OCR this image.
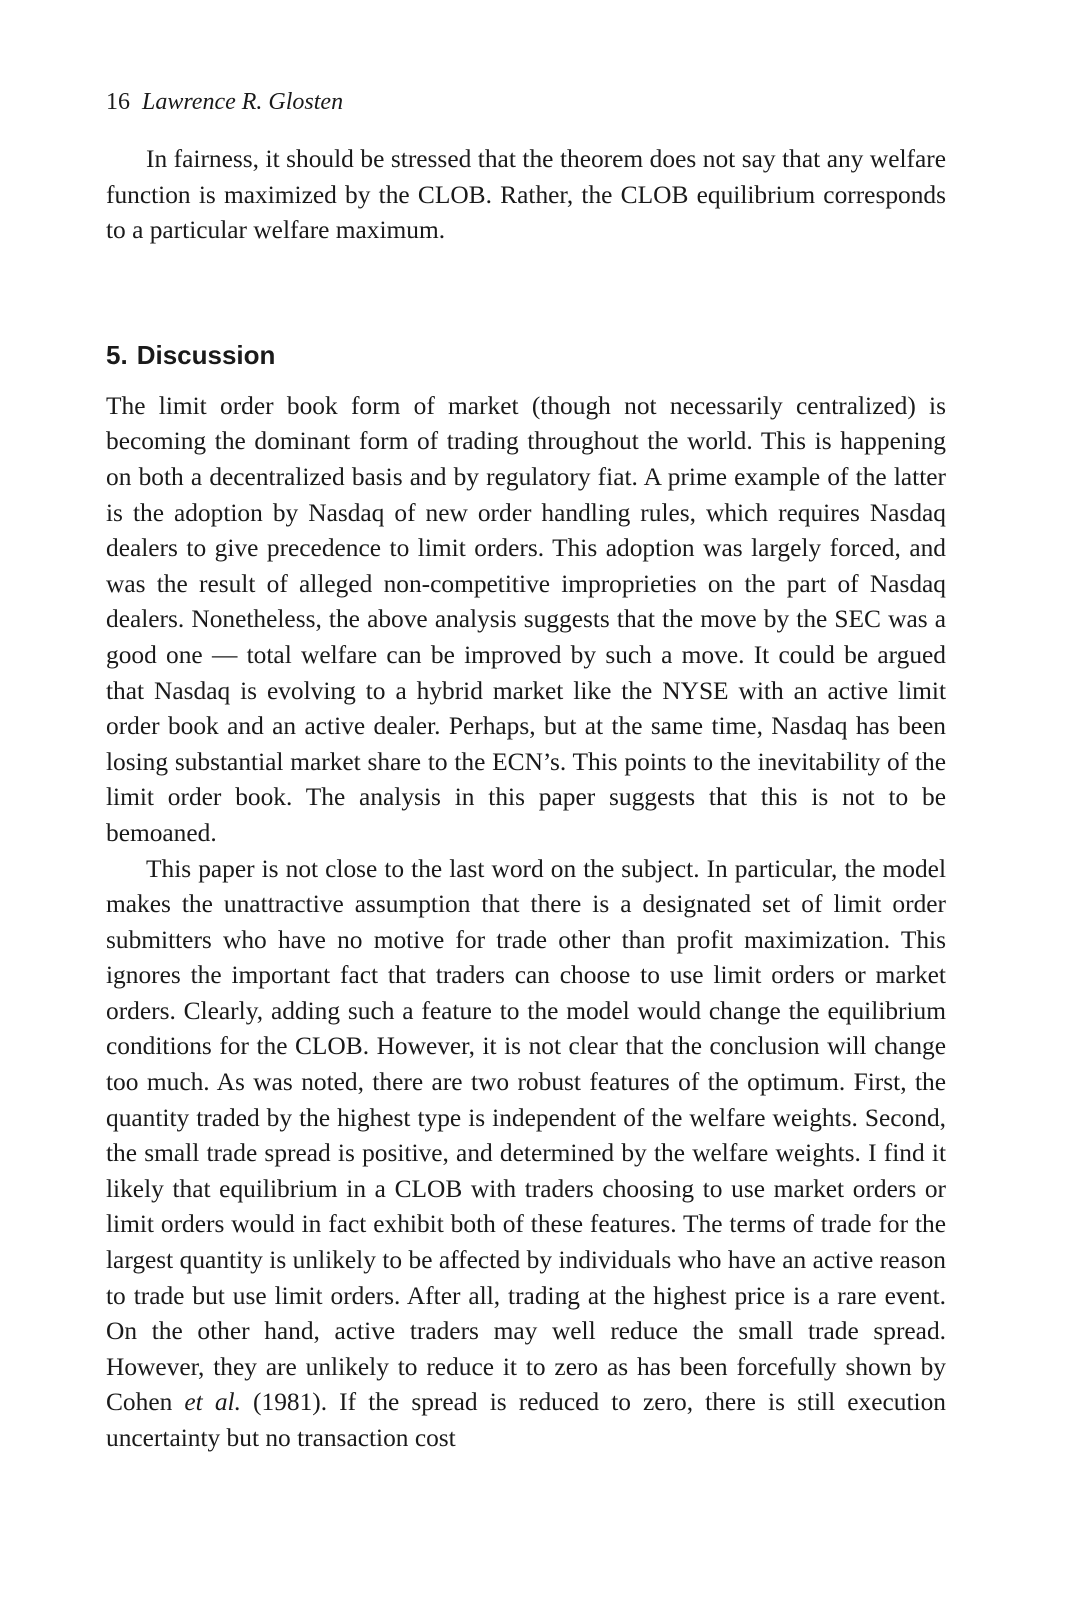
16 Lawrence R. Glosten

In fairness, it should be stressed that the theorem does not say that any welfare function is maximized by the CLOB. Rather, the CLOB equilibrium corresponds to a particular welfare maximum.

5. Discussion

The limit order book form of market (though not necessarily centralized) is becoming the dominant form of trading throughout the world. This is happening on both a decentralized basis and by regulatory fiat. A prime example of the latter is the adoption by Nasdaq of new order handling rules, which requires Nasdaq dealers to give precedence to limit orders. This adoption was largely forced, and was the result of alleged non-competitive improprieties on the part of Nasdaq dealers. Nonetheless, the above analysis suggests that the move by the SEC was a good one — total welfare can be improved by such a move. It could be argued that Nasdaq is evolving to a hybrid market like the NYSE with an active limit order book and an active dealer. Perhaps, but at the same time, Nasdaq has been losing substantial market share to the ECN’s. This points to the inevitability of the limit order book. The analysis in this paper suggests that this is not to be bemoaned.

This paper is not close to the last word on the subject. In particular, the model makes the unattractive assumption that there is a designated set of limit order submitters who have no motive for trade other than profit maximization. This ignores the important fact that traders can choose to use limit orders or market orders. Clearly, adding such a feature to the model would change the equilibrium conditions for the CLOB. However, it is not clear that the conclusion will change too much. As was noted, there are two robust features of the optimum. First, the quantity traded by the highest type is independent of the welfare weights. Second, the small trade spread is positive, and determined by the welfare weights. I find it likely that equilibrium in a CLOB with traders choosing to use market orders or limit orders would in fact exhibit both of these features. The terms of trade for the largest quantity is unlikely to be affected by individuals who have an active reason to trade but use limit orders. After all, trading at the highest price is a rare event. On the other hand, active traders may well reduce the small trade spread. However, they are unlikely to reduce it to zero as has been forcefully shown by Cohen et al. (1981). If the spread is reduced to zero, there is still execution uncertainty but no transaction cost
